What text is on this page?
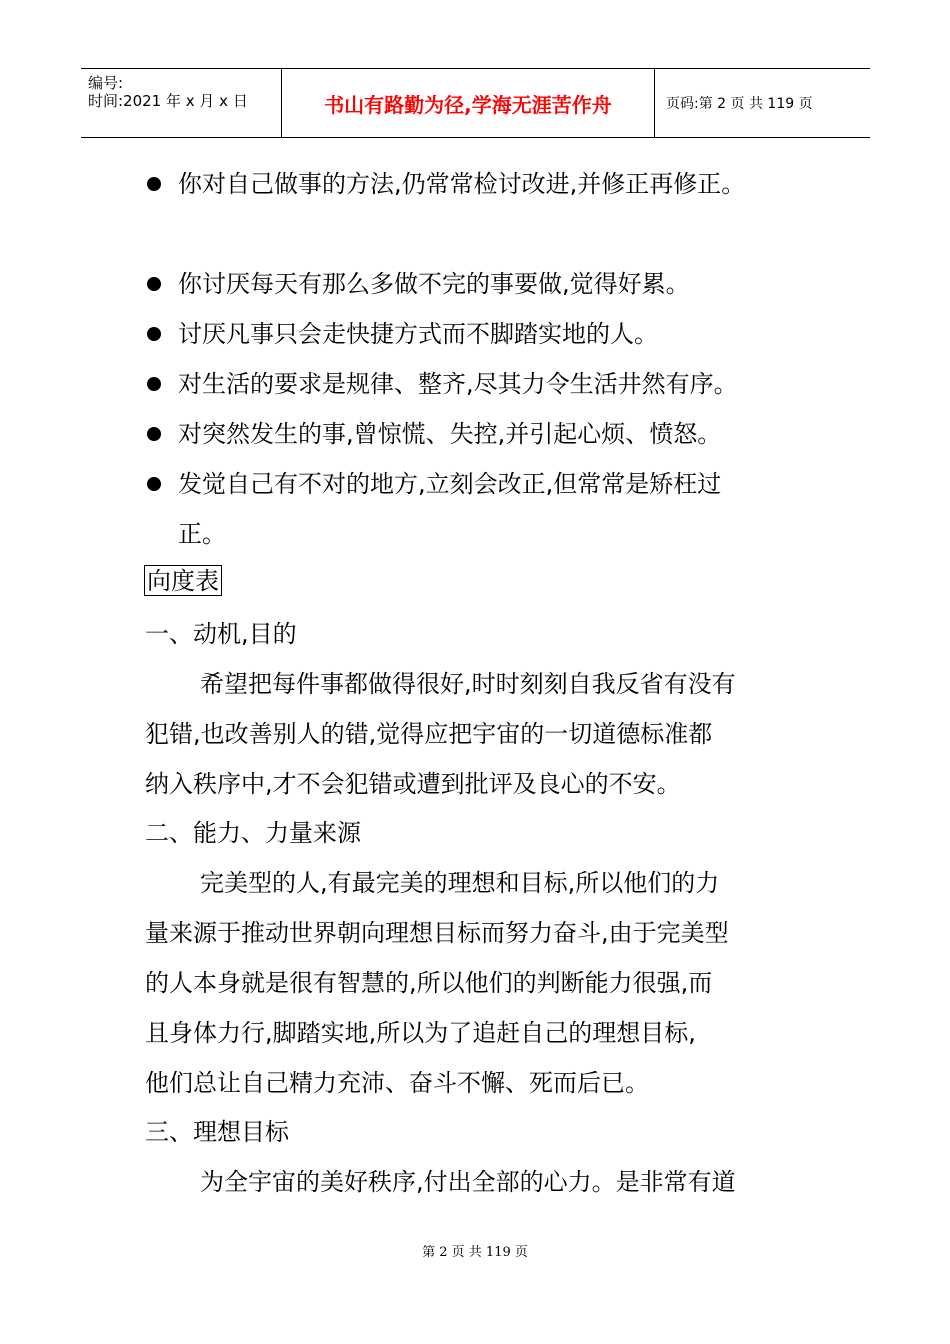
编号:
时间:2021 年 x 月 x 日	书山有路勤为径,学海无涯苦作舟	页码:第 2 页 共 119 页
你对自己做事的方法,仍常常检讨改进,并修正再修正。
你讨厌每天有那么多做不完的事要做,觉得好累。
讨厌凡事只会走快捷方式而不脚踏实地的人。
对生活的要求是规律、整齐,尽其力令生活井然有序。
对突然发生的事,曾惊慌、失控,并引起心烦、愤怒。
发觉自己有不对的地方,立刻会改正,但常常是矫枉过
正。
向度表
一、动机,目的
希望把每件事都做得很好,时时刻刻自我反省有没有
犯错,也改善别人的错,觉得应把宇宙的一切道德标准都
纳入秩序中,才不会犯错或遭到批评及良心的不安。
二、能力、力量来源
完美型的人,有最完美的理想和目标,所以他们的力
量来源于推动世界朝向理想目标而努力奋斗,由于完美型
的人本身就是很有智慧的,所以他们的判断能力很强,而
且身体力行,脚踏实地,所以为了追赶自己的理想目标,
他们总让自己精力充沛、奋斗不懈、死而后已。
三、理想目标
为全宇宙的美好秩序,付出全部的心力。是非常有道
第 2 页 共 119 页
